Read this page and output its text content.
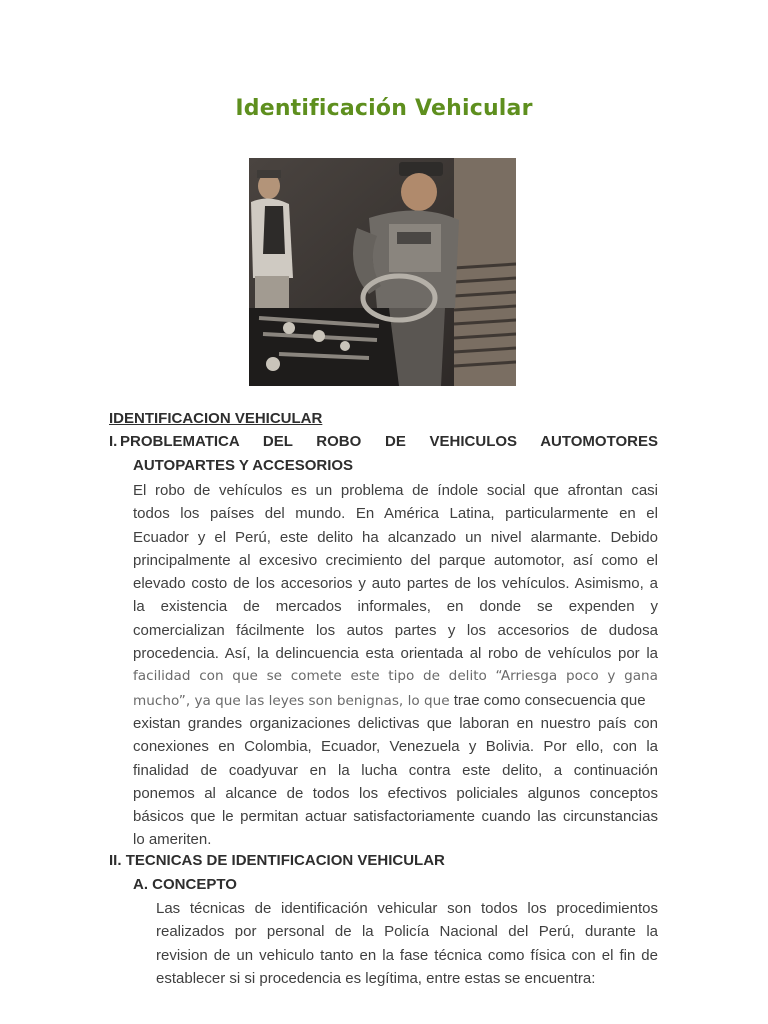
Identificación Vehicular
IDENTIFICACION VEHICULAR
I. PROBLEMATICA DEL ROBO DE VEHICULOS AUTOMOTORES
AUTOPARTES Y ACCESORIOS
El robo de vehículos es un problema de índole social que afrontan casi
todos los países del mundo. En América Latina, particularmente en el
Ecuador y el Perú, este delito ha alcanzado un nivel alarmante. Debido
principalmente al excesivo crecimiento del parque automotor, así como el
elevado costo de los accesorios y auto partes de los vehículos. Asimismo, a
la existencia de mercados informales, en donde se expenden y
comercializan fácilmente los autos partes y los accesorios de dudosa
procedencia. Así, la delincuencia esta orientada al robo de vehículos por la
facilidad con que se comete este tipo de delito “Arriesga poco y gana
mucho”, ya que las leyes son benignas, lo que trae como consecuencia que
existan grandes organizaciones delictivas que laboran en nuestro país con
conexiones en Colombia, Ecuador, Venezuela y Bolivia. Por ello, con la
finalidad de coadyuvar en la lucha contra este delito, a continuación
ponemos al alcance de todos los efectivos policiales algunos conceptos
básicos que le permitan actuar satisfactoriamente cuando las circunstancias
lo ameriten.
II. TECNICAS DE IDENTIFICACION VEHICULAR
A. CONCEPTO
Las técnicas de identificación vehicular son todos los procedimientos
realizados por personal de la Policía Nacional del Perú, durante la
revision de un vehiculo tanto en la fase técnica como física con el fin de
establecer si si procedencia es legítima, entre estas se encuentra:
